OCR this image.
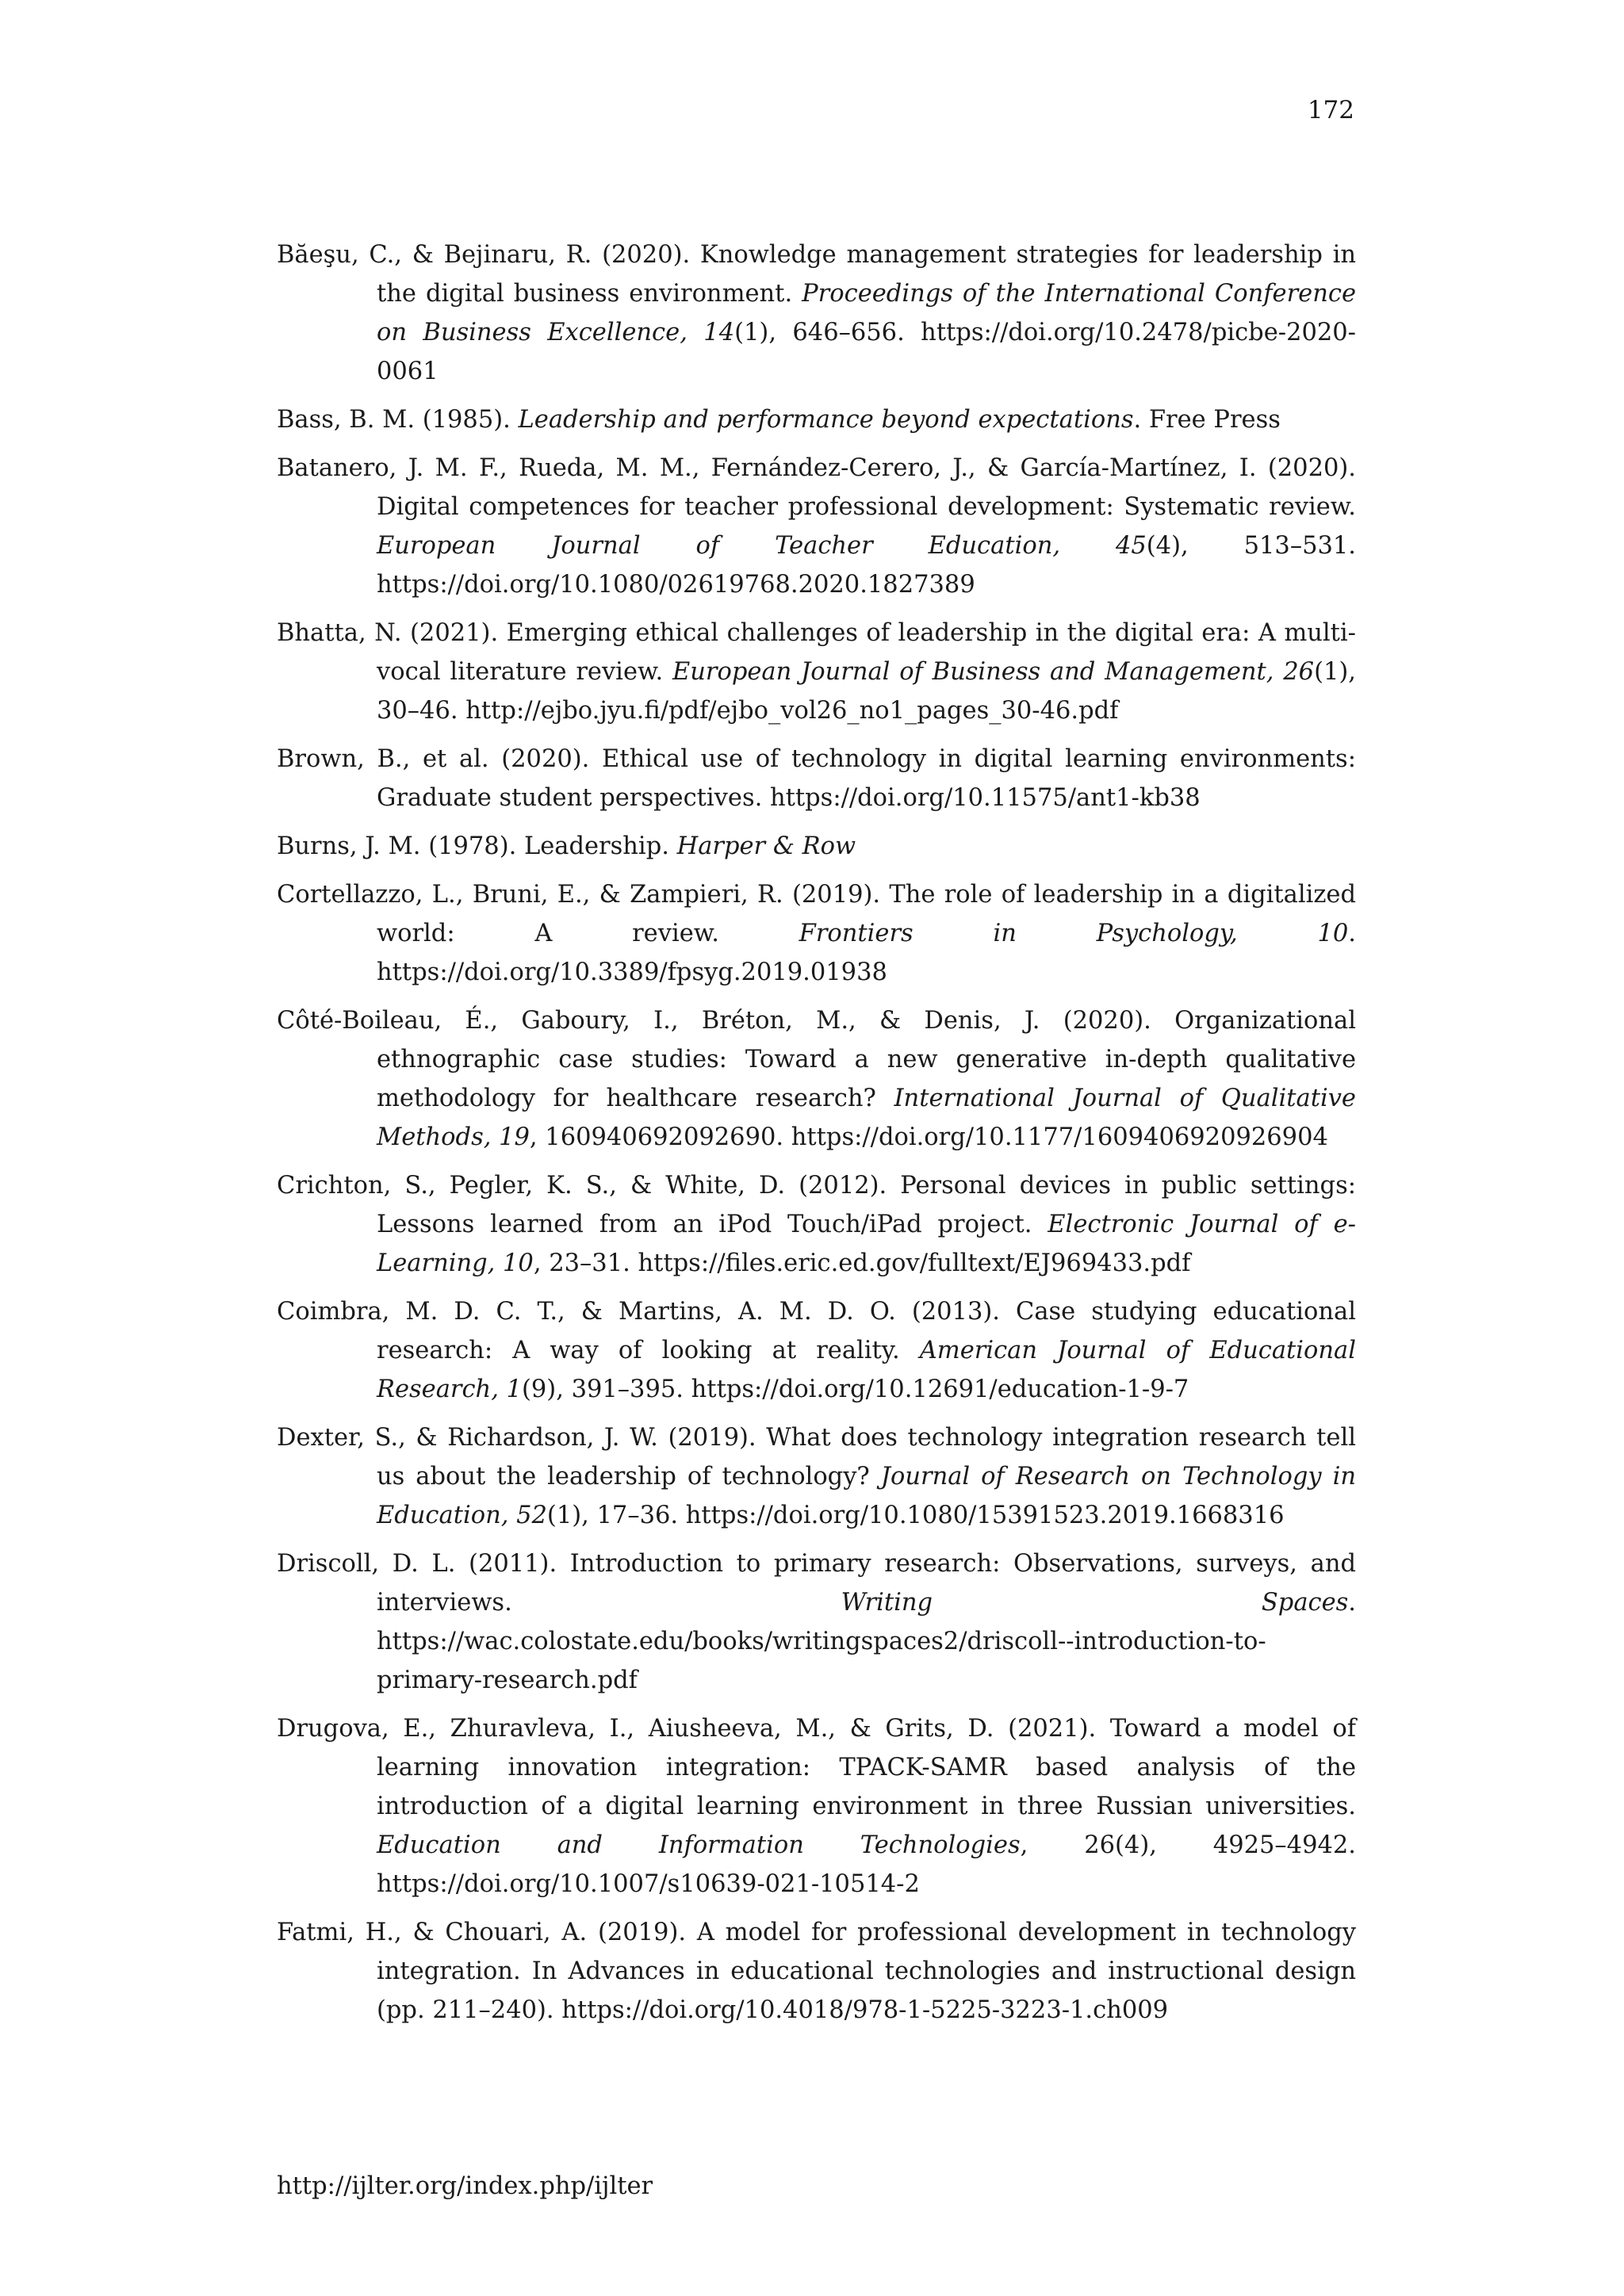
172
Băeşu, C., & Bejinaru, R. (2020). Knowledge management strategies for leadership in the digital business environment. Proceedings of the International Conference on Business Excellence, 14(1), 646–656. https://doi.org/10.2478/picbe-2020-0061
Bass, B. M. (1985). Leadership and performance beyond expectations. Free Press
Batanero, J. M. F., Rueda, M. M., Fernández-Cerero, J., & García-Martínez, I. (2020). Digital competences for teacher professional development: Systematic review. European Journal of Teacher Education, 45(4), 513–531. https://doi.org/10.1080/02619768.2020.1827389
Bhatta, N. (2021). Emerging ethical challenges of leadership in the digital era: A multi-vocal literature review. European Journal of Business and Management, 26(1), 30–46. http://ejbo.jyu.fi/pdf/ejbo_vol26_no1_pages_30-46.pdf
Brown, B., et al. (2020). Ethical use of technology in digital learning environments: Graduate student perspectives. https://doi.org/10.11575/ant1-kb38
Burns, J. M. (1978). Leadership. Harper & Row
Cortellazzo, L., Bruni, E., & Zampieri, R. (2019). The role of leadership in a digitalized world: A review. Frontiers in Psychology, 10. https://doi.org/10.3389/fpsyg.2019.01938
Côté-Boileau, É., Gaboury, I., Bréton, M., & Denis, J. (2020). Organizational ethnographic case studies: Toward a new generative in-depth qualitative methodology for healthcare research? International Journal of Qualitative Methods, 19, 160940692092690. https://doi.org/10.1177/1609406920926904
Crichton, S., Pegler, K. S., & White, D. (2012). Personal devices in public settings: Lessons learned from an iPod Touch/iPad project. Electronic Journal of e-Learning, 10, 23–31. https://files.eric.ed.gov/fulltext/EJ969433.pdf
Coimbra, M. D. C. T., & Martins, A. M. D. O. (2013). Case studying educational research: A way of looking at reality. American Journal of Educational Research, 1(9), 391–395. https://doi.org/10.12691/education-1-9-7
Dexter, S., & Richardson, J. W. (2019). What does technology integration research tell us about the leadership of technology? Journal of Research on Technology in Education, 52(1), 17–36. https://doi.org/10.1080/15391523.2019.1668316
Driscoll, D. L. (2011). Introduction to primary research: Observations, surveys, and interviews. Writing Spaces. https://wac.colostate.edu/books/writingspaces2/driscoll--introduction-to-primary-research.pdf
Drugova, E., Zhuravleva, I., Aiusheeva, M., & Grits, D. (2021). Toward a model of learning innovation integration: TPACK-SAMR based analysis of the introduction of a digital learning environment in three Russian universities. Education and Information Technologies, 26(4), 4925–4942. https://doi.org/10.1007/s10639-021-10514-2
Fatmi, H., & Chouari, A. (2019). A model for professional development in technology integration. In Advances in educational technologies and instructional design (pp. 211–240). https://doi.org/10.4018/978-1-5225-3223-1.ch009
http://ijlter.org/index.php/ijlter
